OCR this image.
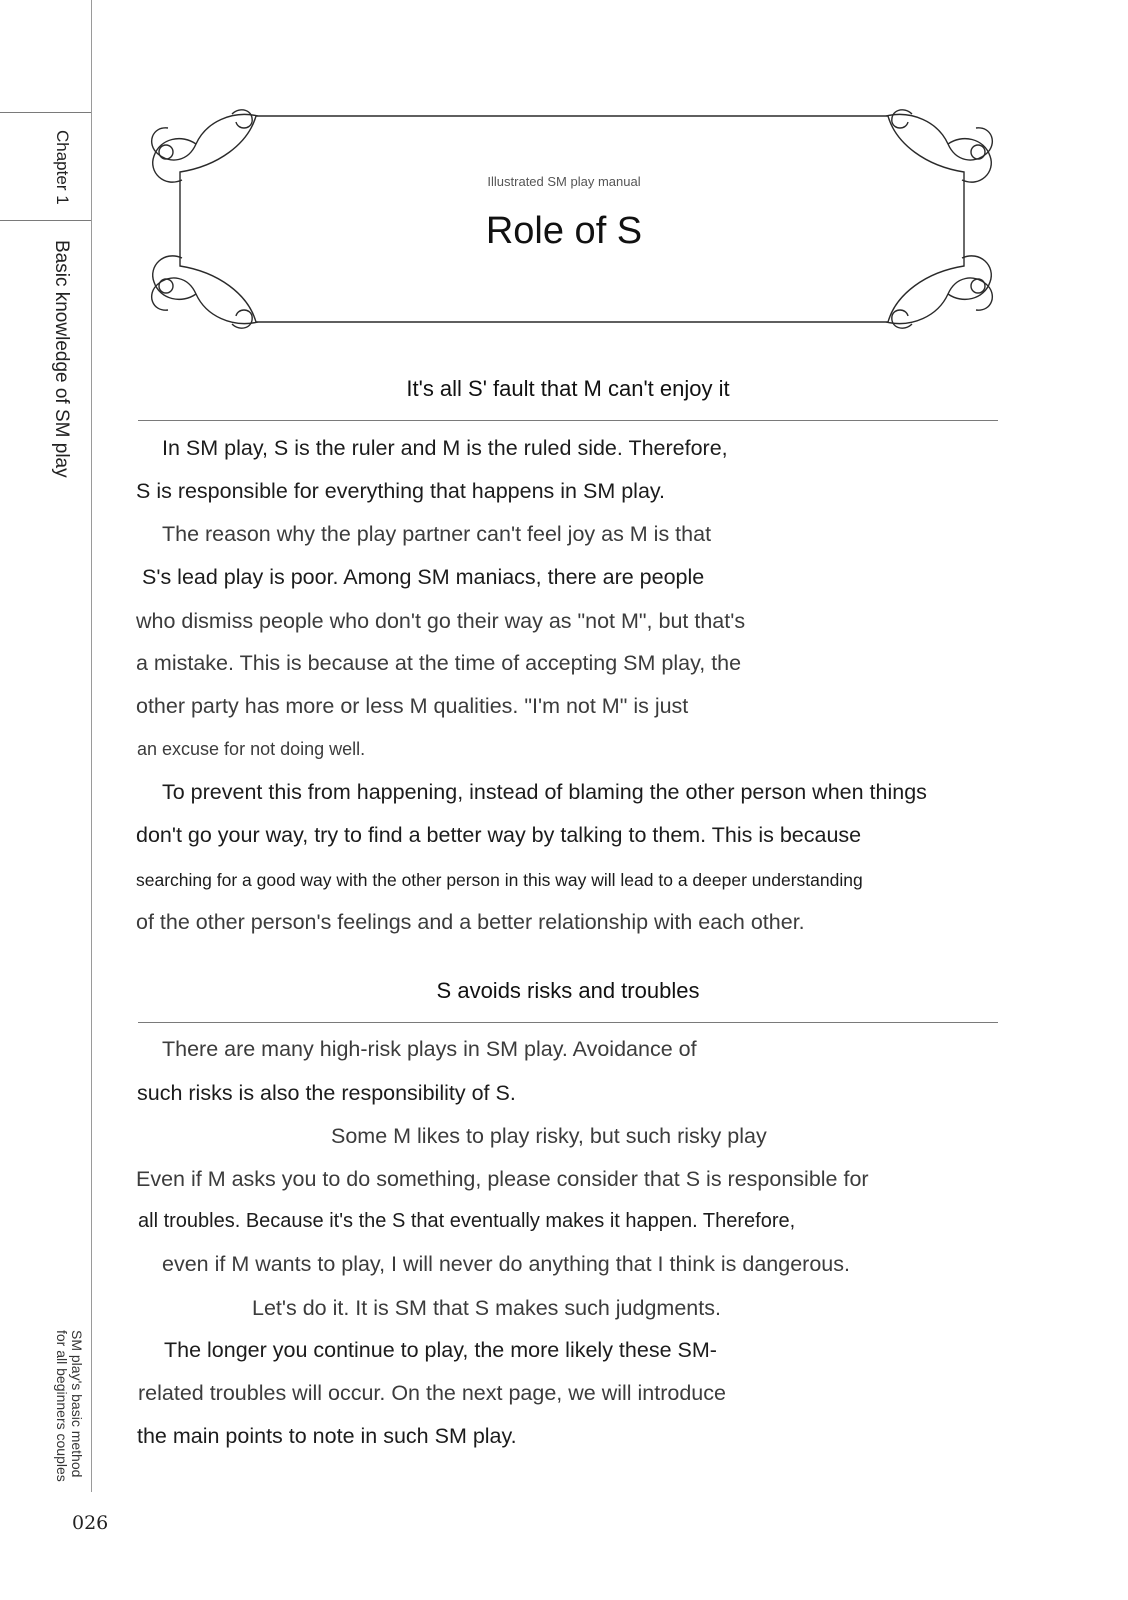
Chapter 1
Basic knowledge of SM play
SM play's basic method
for all beginners couples
Illustrated SM play manual
Role of S
It's all S' fault that M can't enjoy it
In SM play, S is the ruler and M is the ruled side. Therefore,
S is responsible for everything that happens in SM play.
The reason why the play partner can't feel joy as M is that
S's lead play is poor. Among SM maniacs, there are people
who dismiss people who don't go their way as "not M", but that's
a mistake. This is because at the time of accepting SM play, the
other party has more or less M qualities. "I'm not M" is just
an excuse for not doing well.
To prevent this from happening, instead of blaming the other person when things
don't go your way, try to find a better way by talking to them. This is because
searching for a good way with the other person in this way will lead to a deeper understanding
of the other person's feelings and a better relationship with each other.
S avoids risks and troubles
There are many high-risk plays in SM play. Avoidance of
such risks is also the responsibility of S.
Some M likes to play risky, but such risky play
Even if M asks you to do something, please consider that S is responsible for
all troubles. Because it's the S that eventually makes it happen. Therefore,
even if M wants to play, I will never do anything that I think is dangerous.
Let's do it. It is SM that S makes such judgments.
The longer you continue to play, the more likely these SM-
related troubles will occur. On the next page, we will introduce
the main points to note in such SM play.
026
